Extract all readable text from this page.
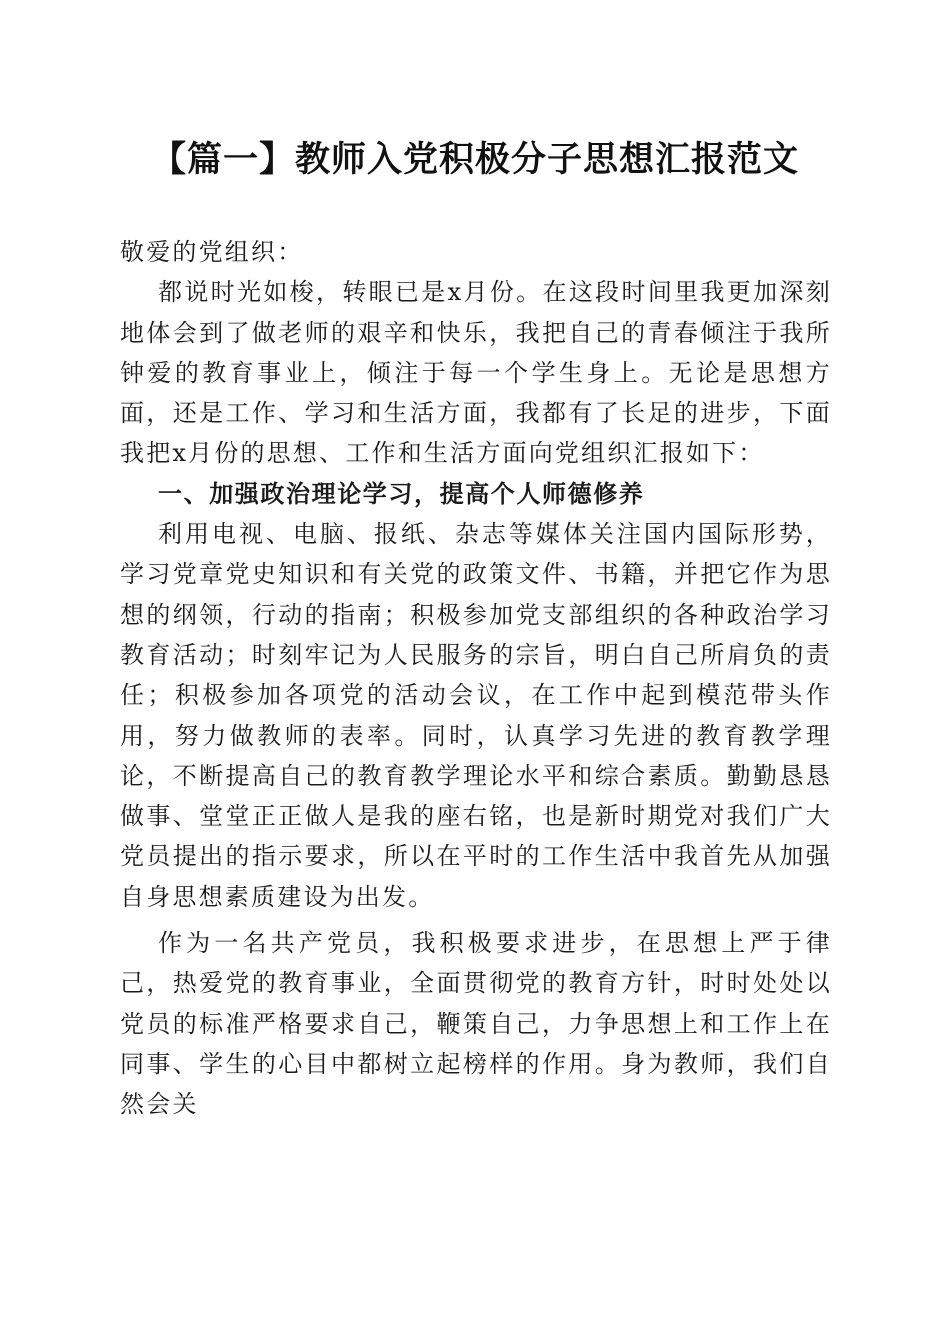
【篇一】教师入党积极分子思想汇报范文

敬爱的党组织：

都说时光如梭，转眼已是x月份。在这段时间里我更加深刻地体会到了做老师的艰辛和快乐，我把自己的青春倾注于我所钟爱的教育事业上，倾注于每一个学生身上。无论是思想方面，还是工作、学习和生活方面，我都有了长足的进步，下面我把x月份的思想、工作和生活方面向党组织汇报如下：

一、加强政治理论学习，提高个人师德修养

利用电视、电脑、报纸、杂志等媒体关注国内国际形势，学习党章党史知识和有关党的政策文件、书籍，并把它作为思想的纲领，行动的指南；积极参加党支部组织的各种政治学习教育活动；时刻牢记为人民服务的宗旨，明白自己所肩负的责任；积极参加各项党的活动会议，在工作中起到模范带头作用，努力做教师的表率。同时，认真学习先进的教育教学理论，不断提高自己的教育教学理论水平和综合素质。勤勤恳恳做事、堂堂正正做人是我的座右铭，也是新时期党对我们广大党员提出的指示要求，所以在平时的工作生活中我首先从加强自身思想素质建设为出发。

作为一名共产党员，我积极要求进步，在思想上严于律己，热爱党的教育事业，全面贯彻党的教育方针，时时处处以党员的标准严格要求自己，鞭策自己，力争思想上和工作上在同事、学生的心目中都树立起榜样的作用。身为教师，我们自然会关
